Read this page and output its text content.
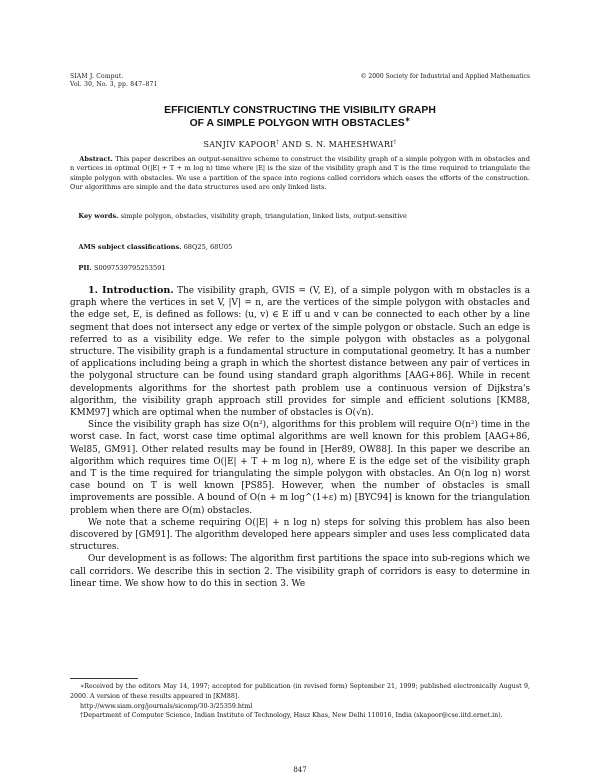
SIAM J. Comput.
Vol. 30, No. 3, pp. 847–871
© 2000 Society for Industrial and Applied Mathematics
EFFICIENTLY CONSTRUCTING THE VISIBILITY GRAPH
OF A SIMPLE POLYGON WITH OBSTACLES∗
SANJIV KAPOOR† AND S. N. MAHESHWARI†
Abstract. This paper describes an output-sensitive scheme to construct the visibility graph of a simple polygon with m obstacles and n vertices in optimal O(|E| + T + m log n) time where |E| is the size of the visibility graph and T is the time required to triangulate the simple polygon with obstacles. We use a partition of the space into regions called corridors which eases the efforts of the construction. Our algorithms are simple and the data structures used are only linked lists.
Key words. simple polygon, obstacles, visibility graph, triangulation, linked lists, output-sensitive
AMS subject classifications. 68Q25, 68U05
PII. S0097539795253591

1. Introduction. The visibility graph, GVIS = (V, E), of a simple polygon with m obstacles is a graph where the vertices in set V, |V| = n, are the vertices of the simple polygon with obstacles and the edge set, E, is defined as follows: (u, v) ∈ E iff u and v can be connected to each other by a line segment that does not intersect any edge or vertex of the simple polygon or obstacle. Such an edge is referred to as a visibility edge. We refer to the simple polygon with obstacles as a polygonal structure. The visibility graph is a fundamental structure in computational geometry. It has a number of applications including being a graph in which the shortest distance between any pair of vertices in the polygonal structure can be found using standard graph algorithms [AAG+86]. While in recent developments algorithms for the shortest path problem use a continuous version of Dijkstra's algorithm, the visibility graph approach still provides for simple and efficient solutions [KM88, KMM97] which are optimal when the number of obstacles is O(√n).

Since the visibility graph has size O(n²), algorithms for this problem will require O(n²) time in the worst case. In fact, worst case time optimal algorithms are well known for this problem [AAG+86, Wel85, GM91]. Other related results may be found in [Her89, OW88]. In this paper we describe an algorithm which requires time O(|E| + T + m log n), where E is the edge set of the visibility graph and T is the time required for triangulating the simple polygon with obstacles. An O(n log n) worst case bound on T is well known [PS85]. However, when the number of obstacles is small improvements are possible. A bound of O(n + m log^(1+ε) m) [BYC94] is known for the triangulation problem when there are O(m) obstacles.

We note that a scheme requiring O(|E| + n log n) steps for solving this problem has also been discovered by [GM91]. The algorithm developed here appears simpler and uses less complicated data structures.

Our development is as follows: The algorithm first partitions the space into sub-regions which we call corridors. We describe this in section 2. The visibility graph of corridors is easy to determine in linear time. We show how to do this in section 3. We

∗Received by the editors May 14, 1997; accepted for publication (in revised form) September 21, 1999; published electronically August 9, 2000. A version of these results appeared in [KM88].

http://www.siam.org/journals/sicomp/30-3/25359.html

†Department of Computer Science, Indian Institute of Technology, Hauz Khas, New Delhi 110016, India (skapoor@cse.iitd.ernet.in).

847
